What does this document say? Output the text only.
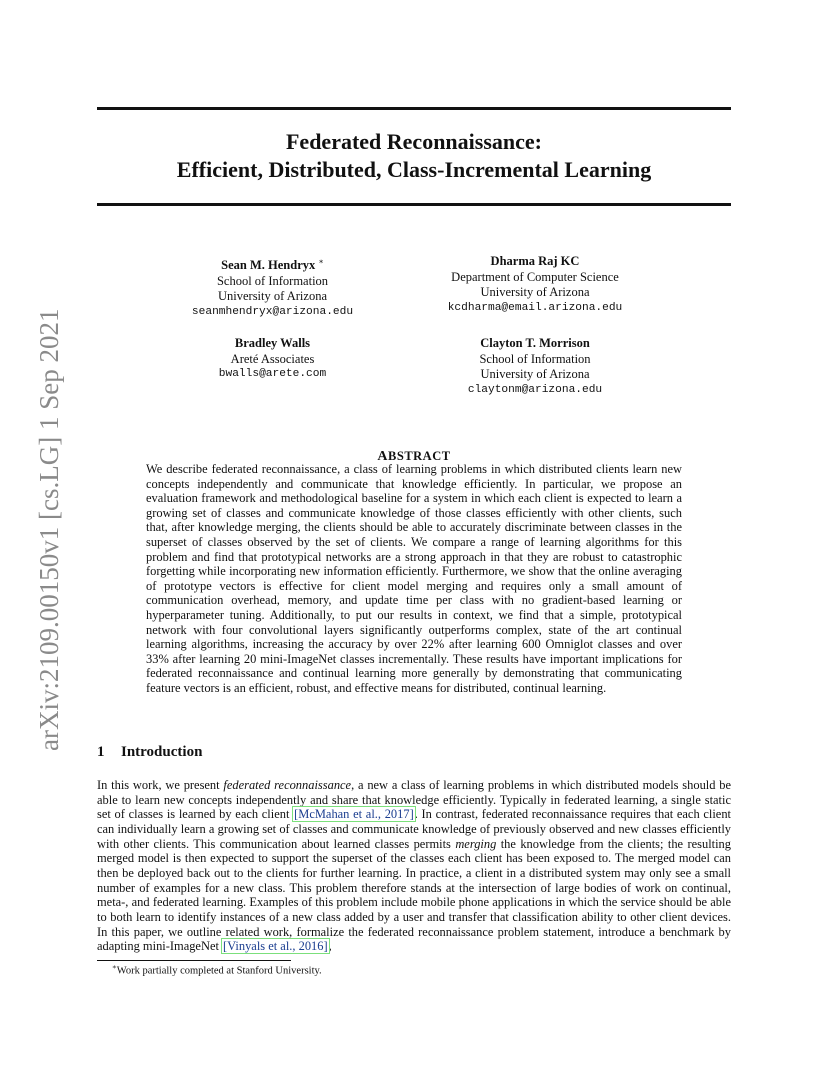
arXiv:2109.00150v1 [cs.LG] 1 Sep 2021
Federated Reconnaissance:
Efficient, Distributed, Class-Incremental Learning
Sean M. Hendryx ∗
School of Information
University of Arizona
seanmhendryx@arizona.edu
Dharma Raj KC
Department of Computer Science
University of Arizona
kcdharma@email.arizona.edu
Bradley Walls
Areté Associates
bwalls@arete.com
Clayton T. Morrison
School of Information
University of Arizona
claytonm@arizona.edu
ABSTRACT

We describe federated reconnaissance, a class of learning problems in which distributed clients learn new concepts independently and communicate that knowledge efficiently. In particular, we propose an evaluation framework and methodological baseline for a system in which each client is expected to learn a growing set of classes and communicate knowledge of those classes efficiently with other clients, such that, after knowledge merging, the clients should be able to accurately discriminate between classes in the superset of classes observed by the set of clients. We compare a range of learning algorithms for this problem and find that prototypical networks are a strong approach in that they are robust to catastrophic forgetting while incorporating new information efficiently. Furthermore, we show that the online averaging of prototype vectors is effective for client model merging and requires only a small amount of communication overhead, memory, and update time per class with no gradient-based learning or hyperparameter tuning. Additionally, to put our results in context, we find that a simple, prototypical network with four convolutional layers significantly outperforms complex, state of the art continual learning algorithms, increasing the accuracy by over 22% after learning 600 Omniglot classes and over 33% after learning 20 mini-ImageNet classes incrementally. These results have important implications for federated reconnaissance and continual learning more generally by demonstrating that communicating feature vectors is an efficient, robust, and effective means for distributed, continual learning.

1 Introduction

In this work, we present federated reconnaissance, a new a class of learning problems in which distributed models should be able to learn new concepts independently and share that knowledge efficiently. Typically in federated learning, a single static set of classes is learned by each client [McMahan et al., 2017]. In contrast, federated reconnaissance requires that each client can individually learn a growing set of classes and communicate knowledge of previously observed and new classes efficiently with other clients. This communication about learned classes permits merging the knowledge from the clients; the resulting merged model is then expected to support the superset of the classes each client has been exposed to. The merged model can then be deployed back out to the clients for further learning. In practice, a client in a distributed system may only see a small number of examples for a new class. This problem therefore stands at the intersection of large bodies of work on continual, meta-, and federated learning. Examples of this problem include mobile phone applications in which the service should be able to both learn to identify instances of a new class added by a user and transfer that classification ability to other client devices. In this paper, we outline related work, formalize the federated reconnaissance problem statement, introduce a benchmark by adapting mini-ImageNet [Vinyals et al., 2016],

∗Work partially completed at Stanford University.
